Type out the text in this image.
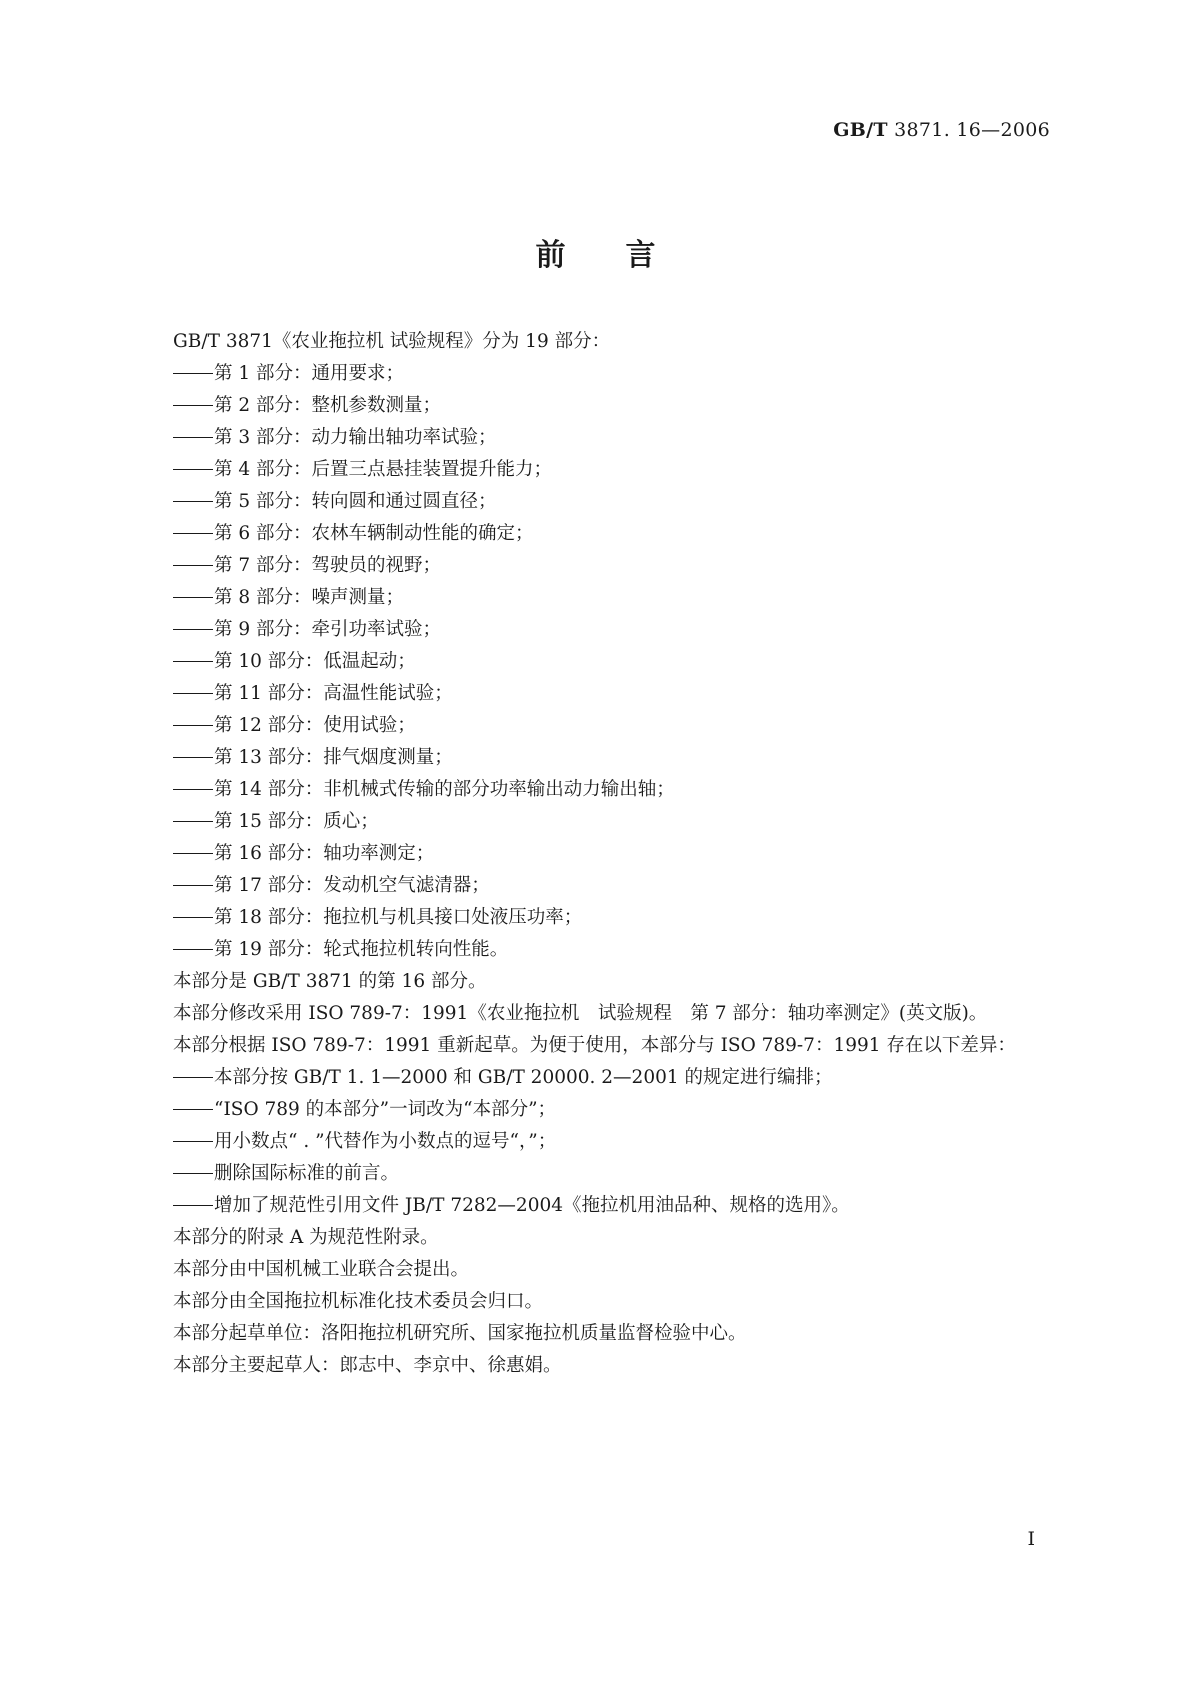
GB/T 3871. 16—2006
前言
GB/T 3871《农业拖拉机 试验规程》分为 19 部分：
第 1 部分：通用要求；
第 2 部分：整机参数测量；
第 3 部分：动力输出轴功率试验；
第 4 部分：后置三点悬挂装置提升能力；
第 5 部分：转向圆和通过圆直径；
第 6 部分：农林车辆制动性能的确定；
第 7 部分：驾驶员的视野；
第 8 部分：噪声测量；
第 9 部分：牵引功率试验；
第 10 部分：低温起动；
第 11 部分：高温性能试验；
第 12 部分：使用试验；
第 13 部分：排气烟度测量；
第 14 部分：非机械式传输的部分功率输出动力输出轴；
第 15 部分：质心；
第 16 部分：轴功率测定；
第 17 部分：发动机空气滤清器；
第 18 部分：拖拉机与机具接口处液压功率；
第 19 部分：轮式拖拉机转向性能。
本部分是 GB/T 3871 的第 16 部分。
本部分修改采用 ISO 789-7：1991《农业拖拉机　试验规程　第 7 部分：轴功率测定》(英文版)。
本部分根据 ISO 789-7：1991 重新起草。为便于使用，本部分与 ISO 789-7：1991 存在以下差异：
本部分按 GB/T 1. 1—2000 和 GB/T 20000. 2—2001 的规定进行编排；
“ISO 789 的本部分”一词改为“本部分”；
用小数点“ . ”代替作为小数点的逗号“，”；
删除国际标准的前言。
增加了规范性引用文件 JB/T 7282—2004《拖拉机用油品种、规格的选用》。
本部分的附录 A 为规范性附录。
本部分由中国机械工业联合会提出。
本部分由全国拖拉机标准化技术委员会归口。
本部分起草单位：洛阳拖拉机研究所、国家拖拉机质量监督检验中心。
本部分主要起草人：郎志中、李京中、徐惠娟。
I
